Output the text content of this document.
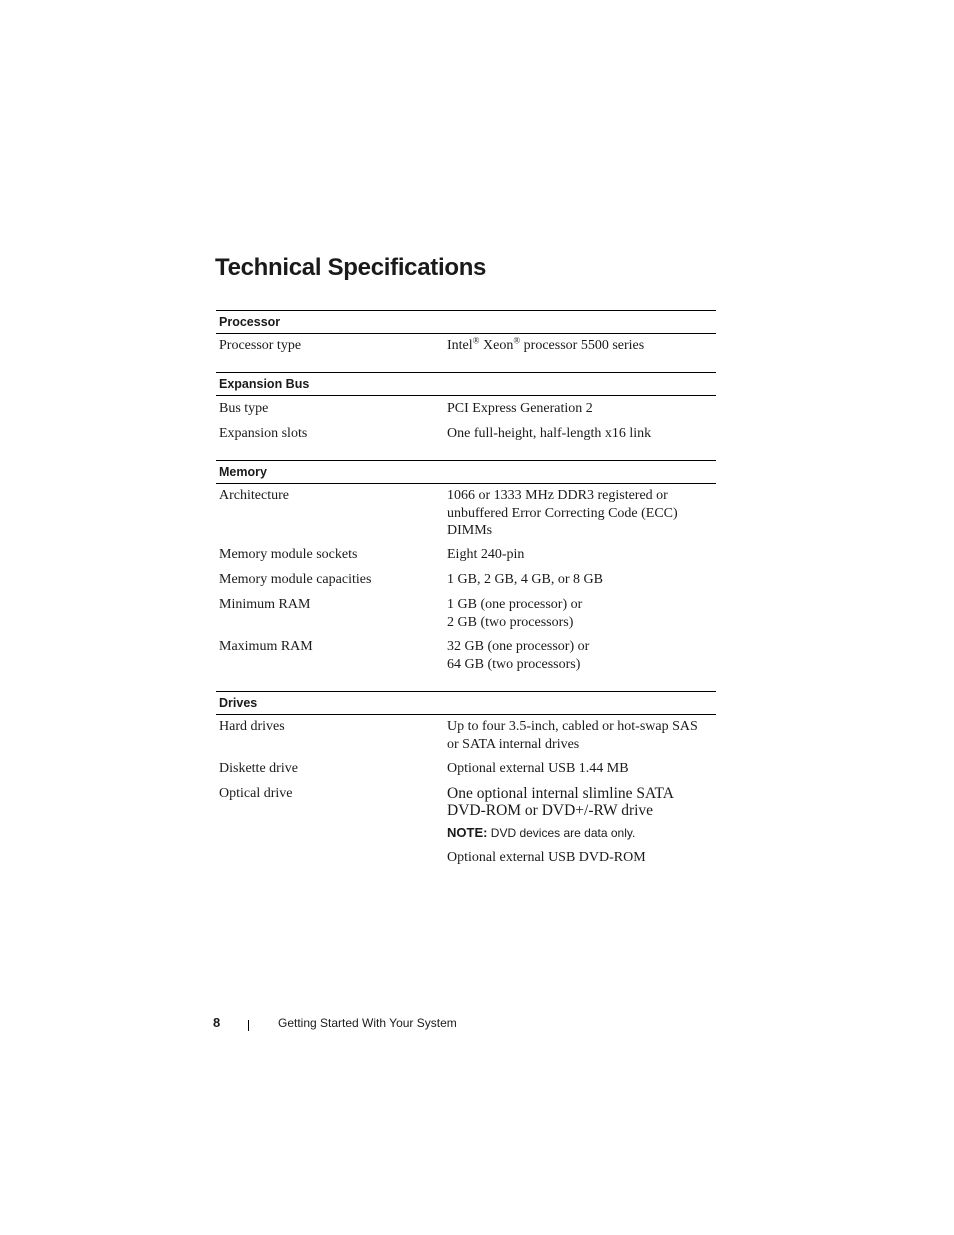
Technical Specifications
Processor
Processor type	Intel® Xeon® processor 5500 series
Expansion Bus
Bus type	PCI Express Generation 2
Expansion slots	One full-height, half-length x16 link
Memory
Architecture	1066 or 1333 MHz DDR3 registered or
unbuffered Error Correcting Code (ECC)
DIMMs
Memory module sockets	Eight 240-pin
Memory module capacities	1 GB, 2 GB, 4 GB, or 8 GB
Minimum RAM	1 GB (one processor) or
2 GB (two processors)
Maximum RAM	32 GB (one processor) or
64 GB (two processors)
Drives
Hard drives	Up to four 3.5-inch, cabled or hot-swap SAS
or SATA internal drives
Diskette drive	Optional external USB 1.44 MB
Optical drive	One optional internal slimline SATA
DVD-ROM or DVD+/-RW drive
NOTE: DVD devices are data only.
Optional external USB DVD-ROM
8	Getting Started With Your System
